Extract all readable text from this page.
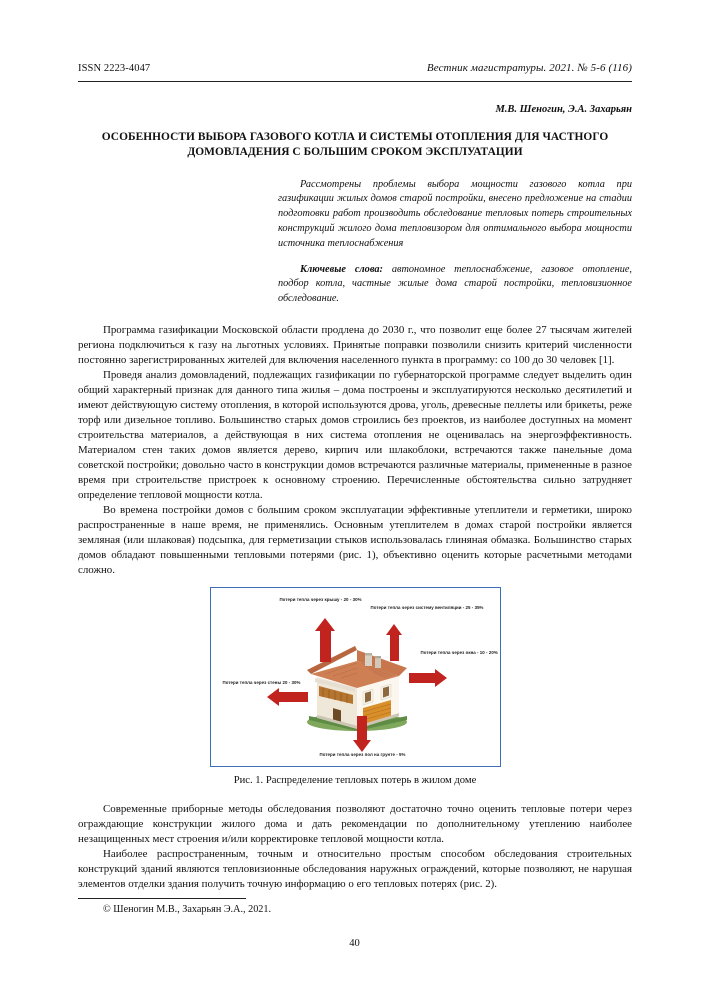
ISSN 2223-4047	Вестник магистратуры. 2021. № 5-6 (116)
М.В. Шеногин, Э.А. Захарьян
ОСОБЕННОСТИ ВЫБОРА ГАЗОВОГО КОТЛА И СИСТЕМЫ ОТОПЛЕНИЯ ДЛЯ ЧАСТНОГО ДОМОВЛАДЕНИЯ С БОЛЬШИМ СРОКОМ ЭКСПЛУАТАЦИИ

Рассмотрены проблемы выбора мощности газового котла при газификации жилых домов старой постройки, внесено предложение на стадии подготовки работ производить обследование тепловых потерь строительных конструкций жилого дома тепловизором для оптимального выбора мощности источника теплоснабжения

Ключевые слова: автономное теплоснабжение, газовое отопление, подбор котла, частные жилые дома старой постройки, тепловизионное обследование.

Программа газификации Московской области продлена до 2030 г., что позволит еще более 27 тысячам жителей региона подключиться к газу на льготных условиях. Принятые поправки позволили снизить критерий численности постоянно зарегистрированных жителей для включения населенного пункта в программу: со 100 до 30 человек [1].

Проведя анализ домовладений, подлежащих газификации по губернаторской программе следует выделить один общий характерный признак для данного типа жилья – дома построены и эксплуатируются несколько десятилетий и имеют действующую систему отопления, в которой используются дрова, уголь, древесные пеллеты или брикеты, реже торф или дизельное топливо. Большинство старых домов строились без проектов, из наиболее доступных на момент строительства материалов, а действующая в них система отопления не оценивалась на энергоэффективность. Материалом стен таких домов является дерево, кирпич или шлакоблоки, встречаются также панельные дома советской постройки; довольно часто в конструкции домов встречаются различные материалы, примененные в разное время при строительстве пристроек к основному строению. Перечисленные обстоятельства сильно затрудняет определение тепловой мощности котла.

Во времена постройки домов с большим сроком эксплуатации эффективные утеплители и герметики, широко распространенные в наше время, не применялись. Основным утеплителем в домах старой постройки является земляная (или шлаковая) подсыпка, для герметизации стыков использовалась глиняная обмазка. Большинство старых домов обладают повышенными тепловыми потерями (рис. 1), объективно оценить которые расчетными методами сложно.

Потери тепла через крышу - 20 - 30%
Потери тепла через систему вентиляции - 25 - 35%
Потери тепла через окна - 10 - 20%
Потери тепла через стены 20 - 30%
Потери тепла через пол на грунте - 5%
Рис. 1. Распределение тепловых потерь в жилом доме

Современные приборные методы обследования позволяют достаточно точно оценить тепловые потери через ограждающие конструкции жилого дома и дать рекомендации по дополнительному утеплению наиболее незащищенных мест строения и/или корректировке тепловой мощности котла.

Наиболее распространенным, точным и относительно простым способом обследования строительных конструкций зданий являются тепловизионные обследования наружных ограждений, которые позволяют, не нарушая элементов отделки здания получить точную информацию о его тепловых потерях (рис. 2).

© Шеногин М.В., Захарьян Э.А., 2021.

40
